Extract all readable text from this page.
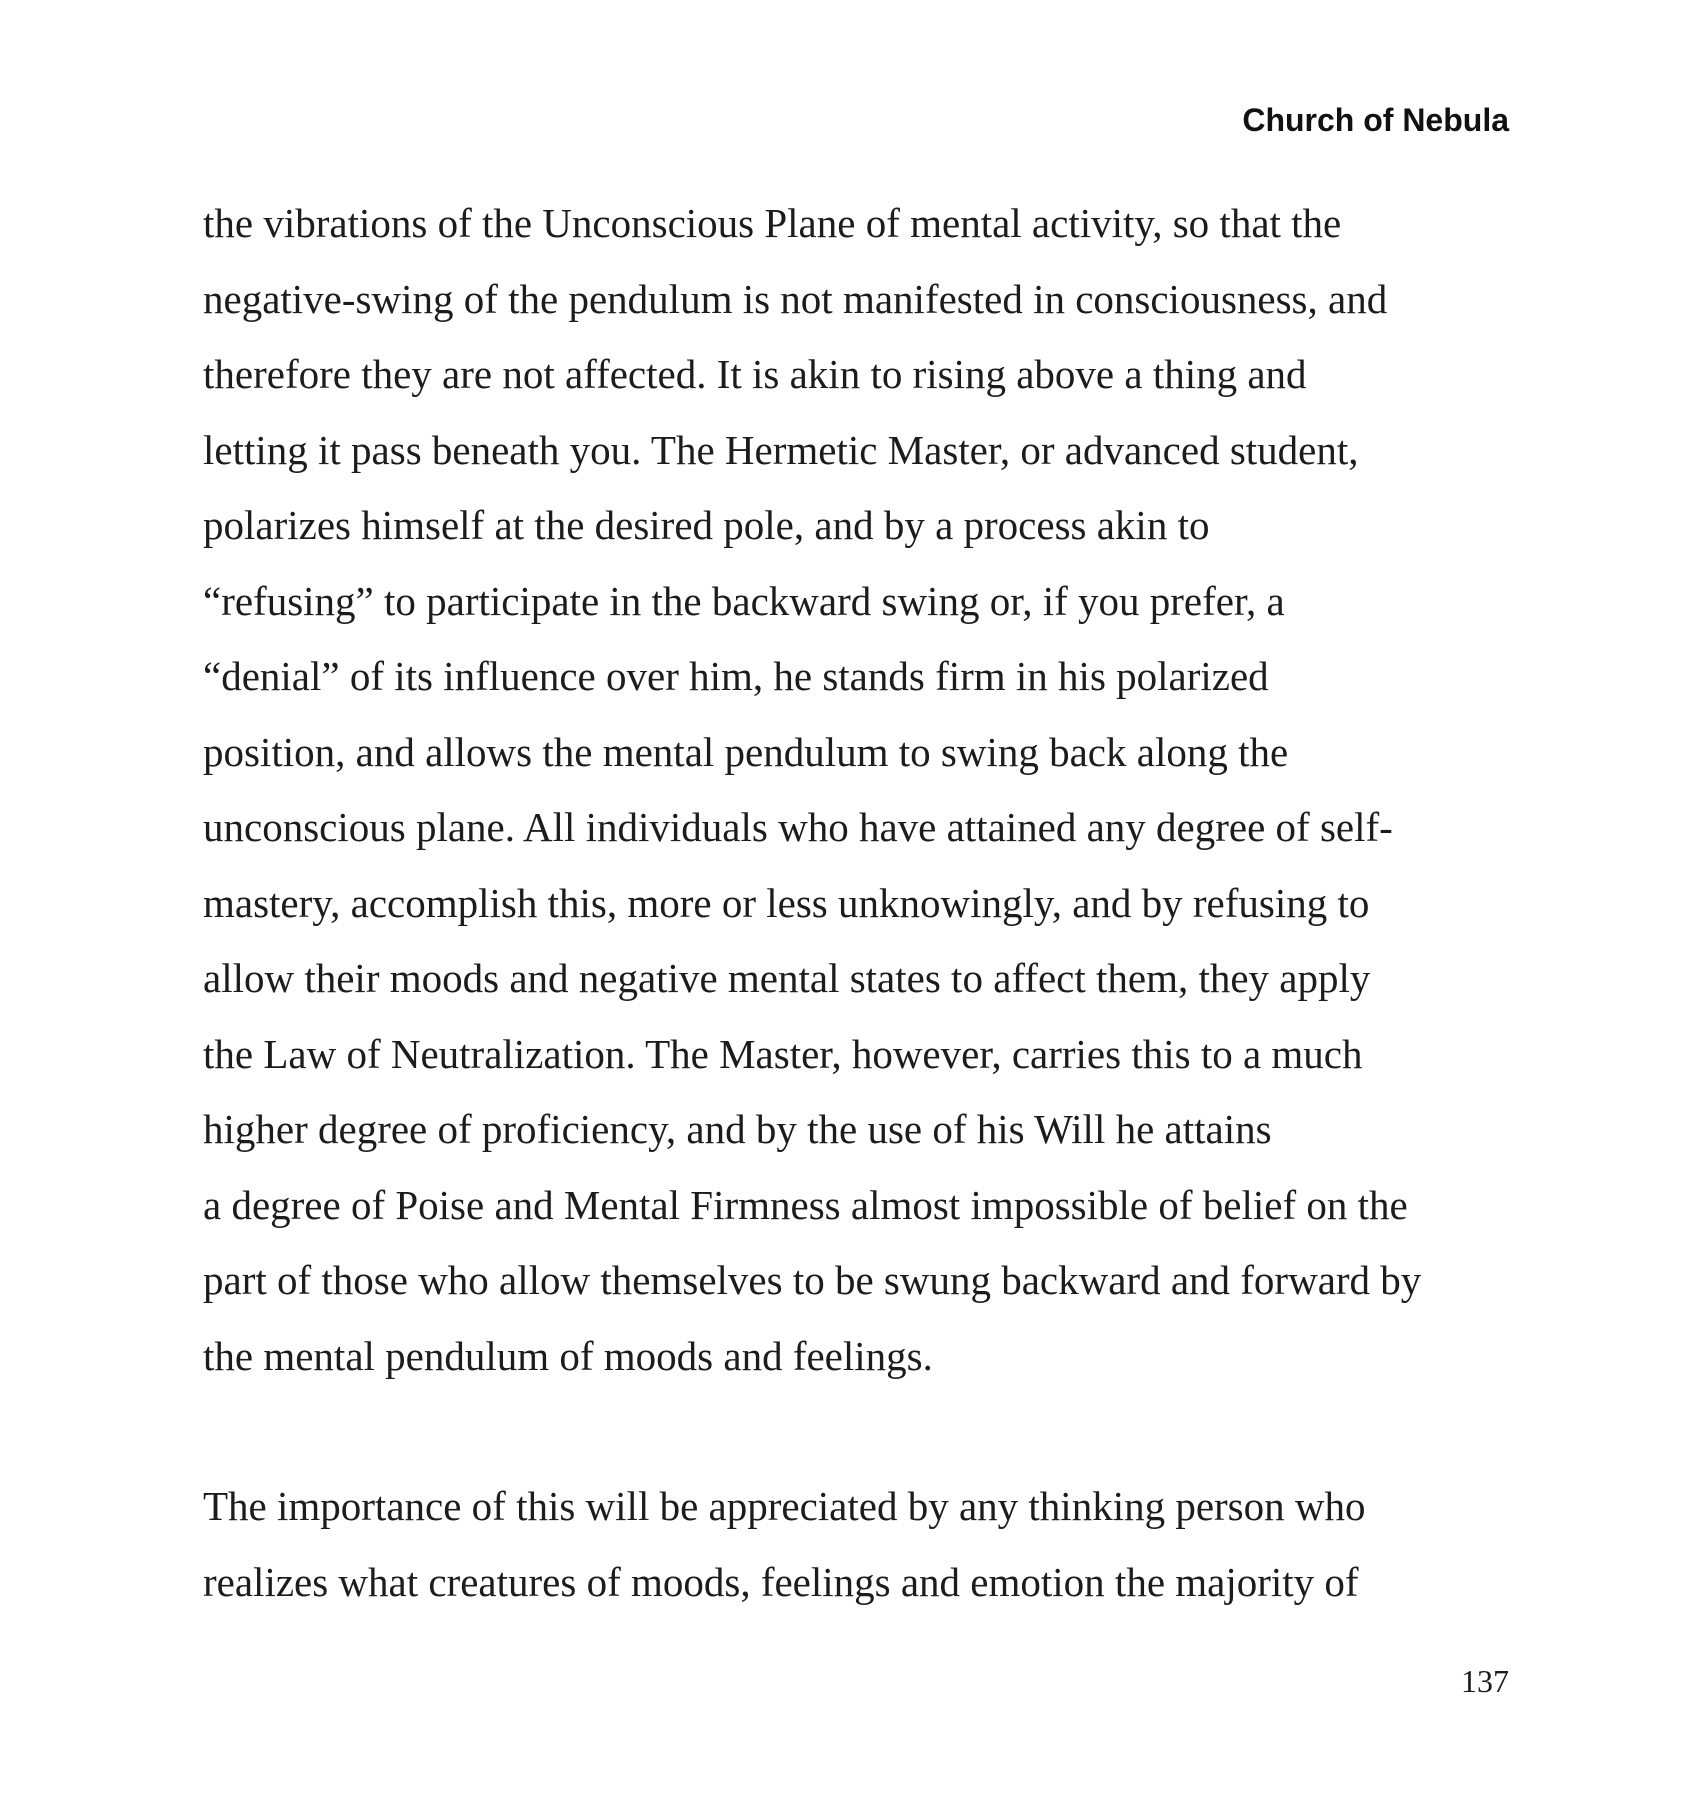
Church of Nebula
the vibrations of the Unconscious Plane of mental activity, so that the
negative-swing of the pendulum is not manifested in consciousness, and
therefore they are not affected. It is akin to rising above a thing and
letting it pass beneath you. The Hermetic Master, or advanced student,
polarizes himself at the desired pole, and by a process akin to
“refusing” to participate in the backward swing or, if you prefer, a
“denial” of its influence over him, he stands firm in his polarized
position, and allows the mental pendulum to swing back along the
unconscious plane. All individuals who have attained any degree of self-
mastery, accomplish this, more or less unknowingly, and by refusing to
allow their moods and negative mental states to affect them, they apply
the Law of Neutralization. The Master, however, carries this to a much
higher degree of proficiency, and by the use of his Will he attains
a degree of Poise and Mental Firmness almost impossible of belief on the
part of those who allow themselves to be swung backward and forward by
the mental pendulum of moods and feelings.
The importance of this will be appreciated by any thinking person who
realizes what creatures of moods, feelings and emotion the majority of
137
